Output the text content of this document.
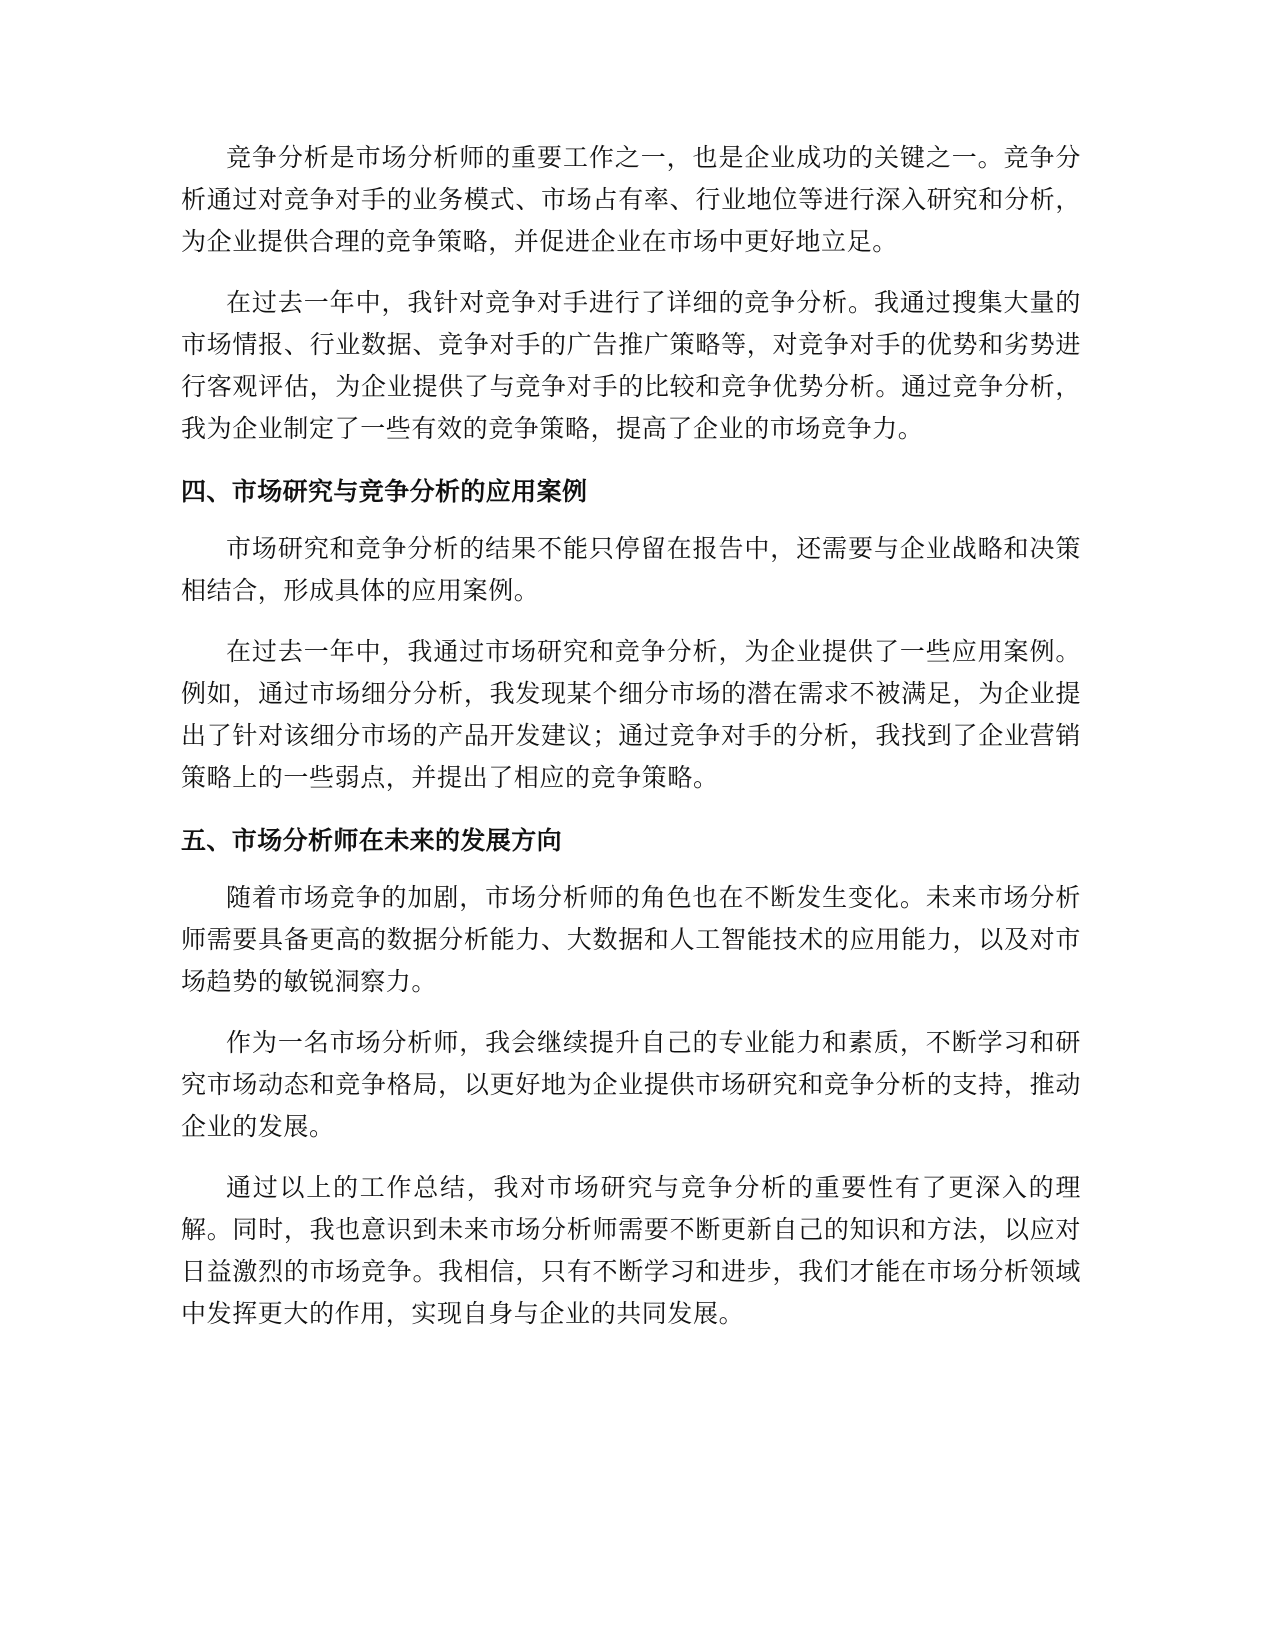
竞争分析是市场分析师的重要工作之一，也是企业成功的关键之一。竞争分析通过对竞争对手的业务模式、市场占有率、行业地位等进行深入研究和分析，为企业提供合理的竞争策略，并促进企业在市场中更好地立足。

在过去一年中，我针对竞争对手进行了详细的竞争分析。我通过搜集大量的市场情报、行业数据、竞争对手的广告推广策略等，对竞争对手的优势和劣势进行客观评估，为企业提供了与竞争对手的比较和竞争优势分析。通过竞争分析，我为企业制定了一些有效的竞争策略，提高了企业的市场竞争力。

四、市场研究与竞争分析的应用案例

市场研究和竞争分析的结果不能只停留在报告中，还需要与企业战略和决策相结合，形成具体的应用案例。

在过去一年中，我通过市场研究和竞争分析，为企业提供了一些应用案例。例如，通过市场细分分析，我发现某个细分市场的潜在需求不被满足，为企业提出了针对该细分市场的产品开发建议；通过竞争对手的分析，我找到了企业营销策略上的一些弱点，并提出了相应的竞争策略。

五、市场分析师在未来的发展方向

随着市场竞争的加剧，市场分析师的角色也在不断发生变化。未来市场分析师需要具备更高的数据分析能力、大数据和人工智能技术的应用能力，以及对市场趋势的敏锐洞察力。

作为一名市场分析师，我会继续提升自己的专业能力和素质，不断学习和研究市场动态和竞争格局，以更好地为企业提供市场研究和竞争分析的支持，推动企业的发展。

通过以上的工作总结，我对市场研究与竞争分析的重要性有了更深入的理解。同时，我也意识到未来市场分析师需要不断更新自己的知识和方法，以应对日益激烈的市场竞争。我相信，只有不断学习和进步，我们才能在市场分析领域中发挥更大的作用，实现自身与企业的共同发展。
